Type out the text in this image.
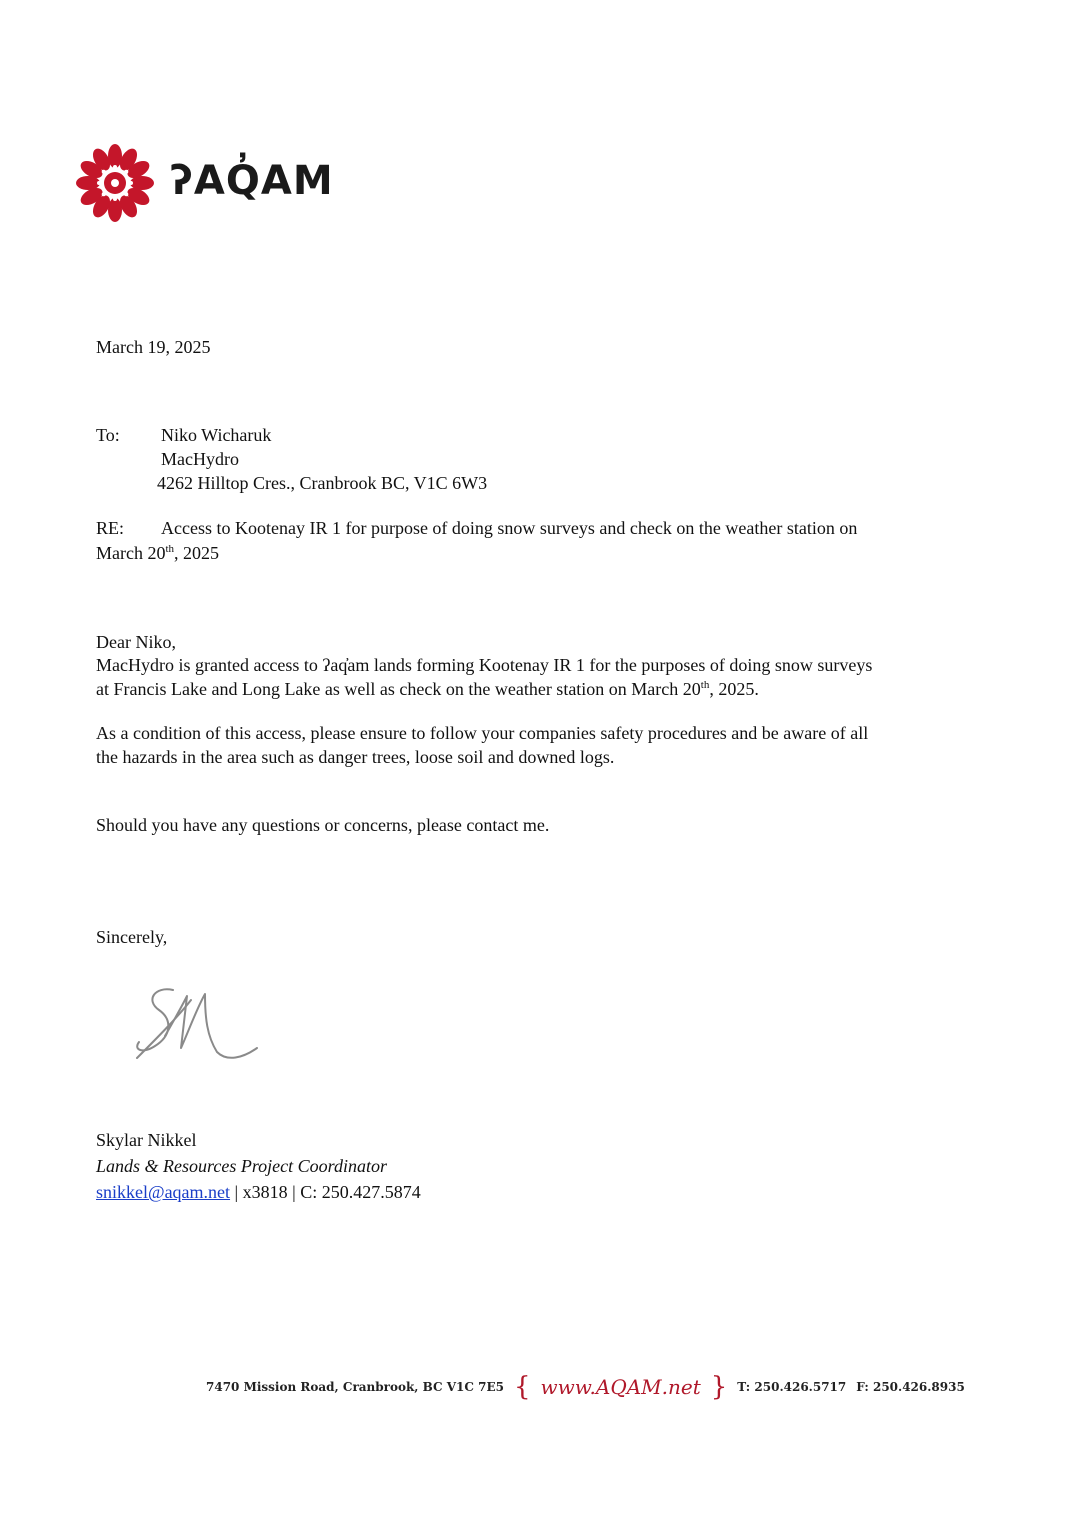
ʔAQ̓AM
March 19, 2025
To: Niko Wicharuk
MacHydro
4262 Hilltop Cres., Cranbrook BC, V1C 6W3
RE: Access to Kootenay IR 1 for purpose of doing snow surveys and check on the weather station on
March 20th, 2025
Dear Niko,
MacHydro is granted access to ʔaq̓am lands forming Kootenay IR 1 for the purposes of doing snow surveys
at Francis Lake and Long Lake as well as check on the weather station on March 20th, 2025.
As a condition of this access, please ensure to follow your companies safety procedures and be aware of all
the hazards in the area such as danger trees, loose soil and downed logs.
Should you have any questions or concerns, please contact me.
Sincerely,
Skylar Nikkel
Lands & Resources Project Coordinator
snikkel@aqam.net | x3818 | C: 250.427.5874
7470 Mission Road, Cranbrook, BC V1C 7E5 { www.AQAM.net } T: 250.426.5717 F: 250.426.8935
